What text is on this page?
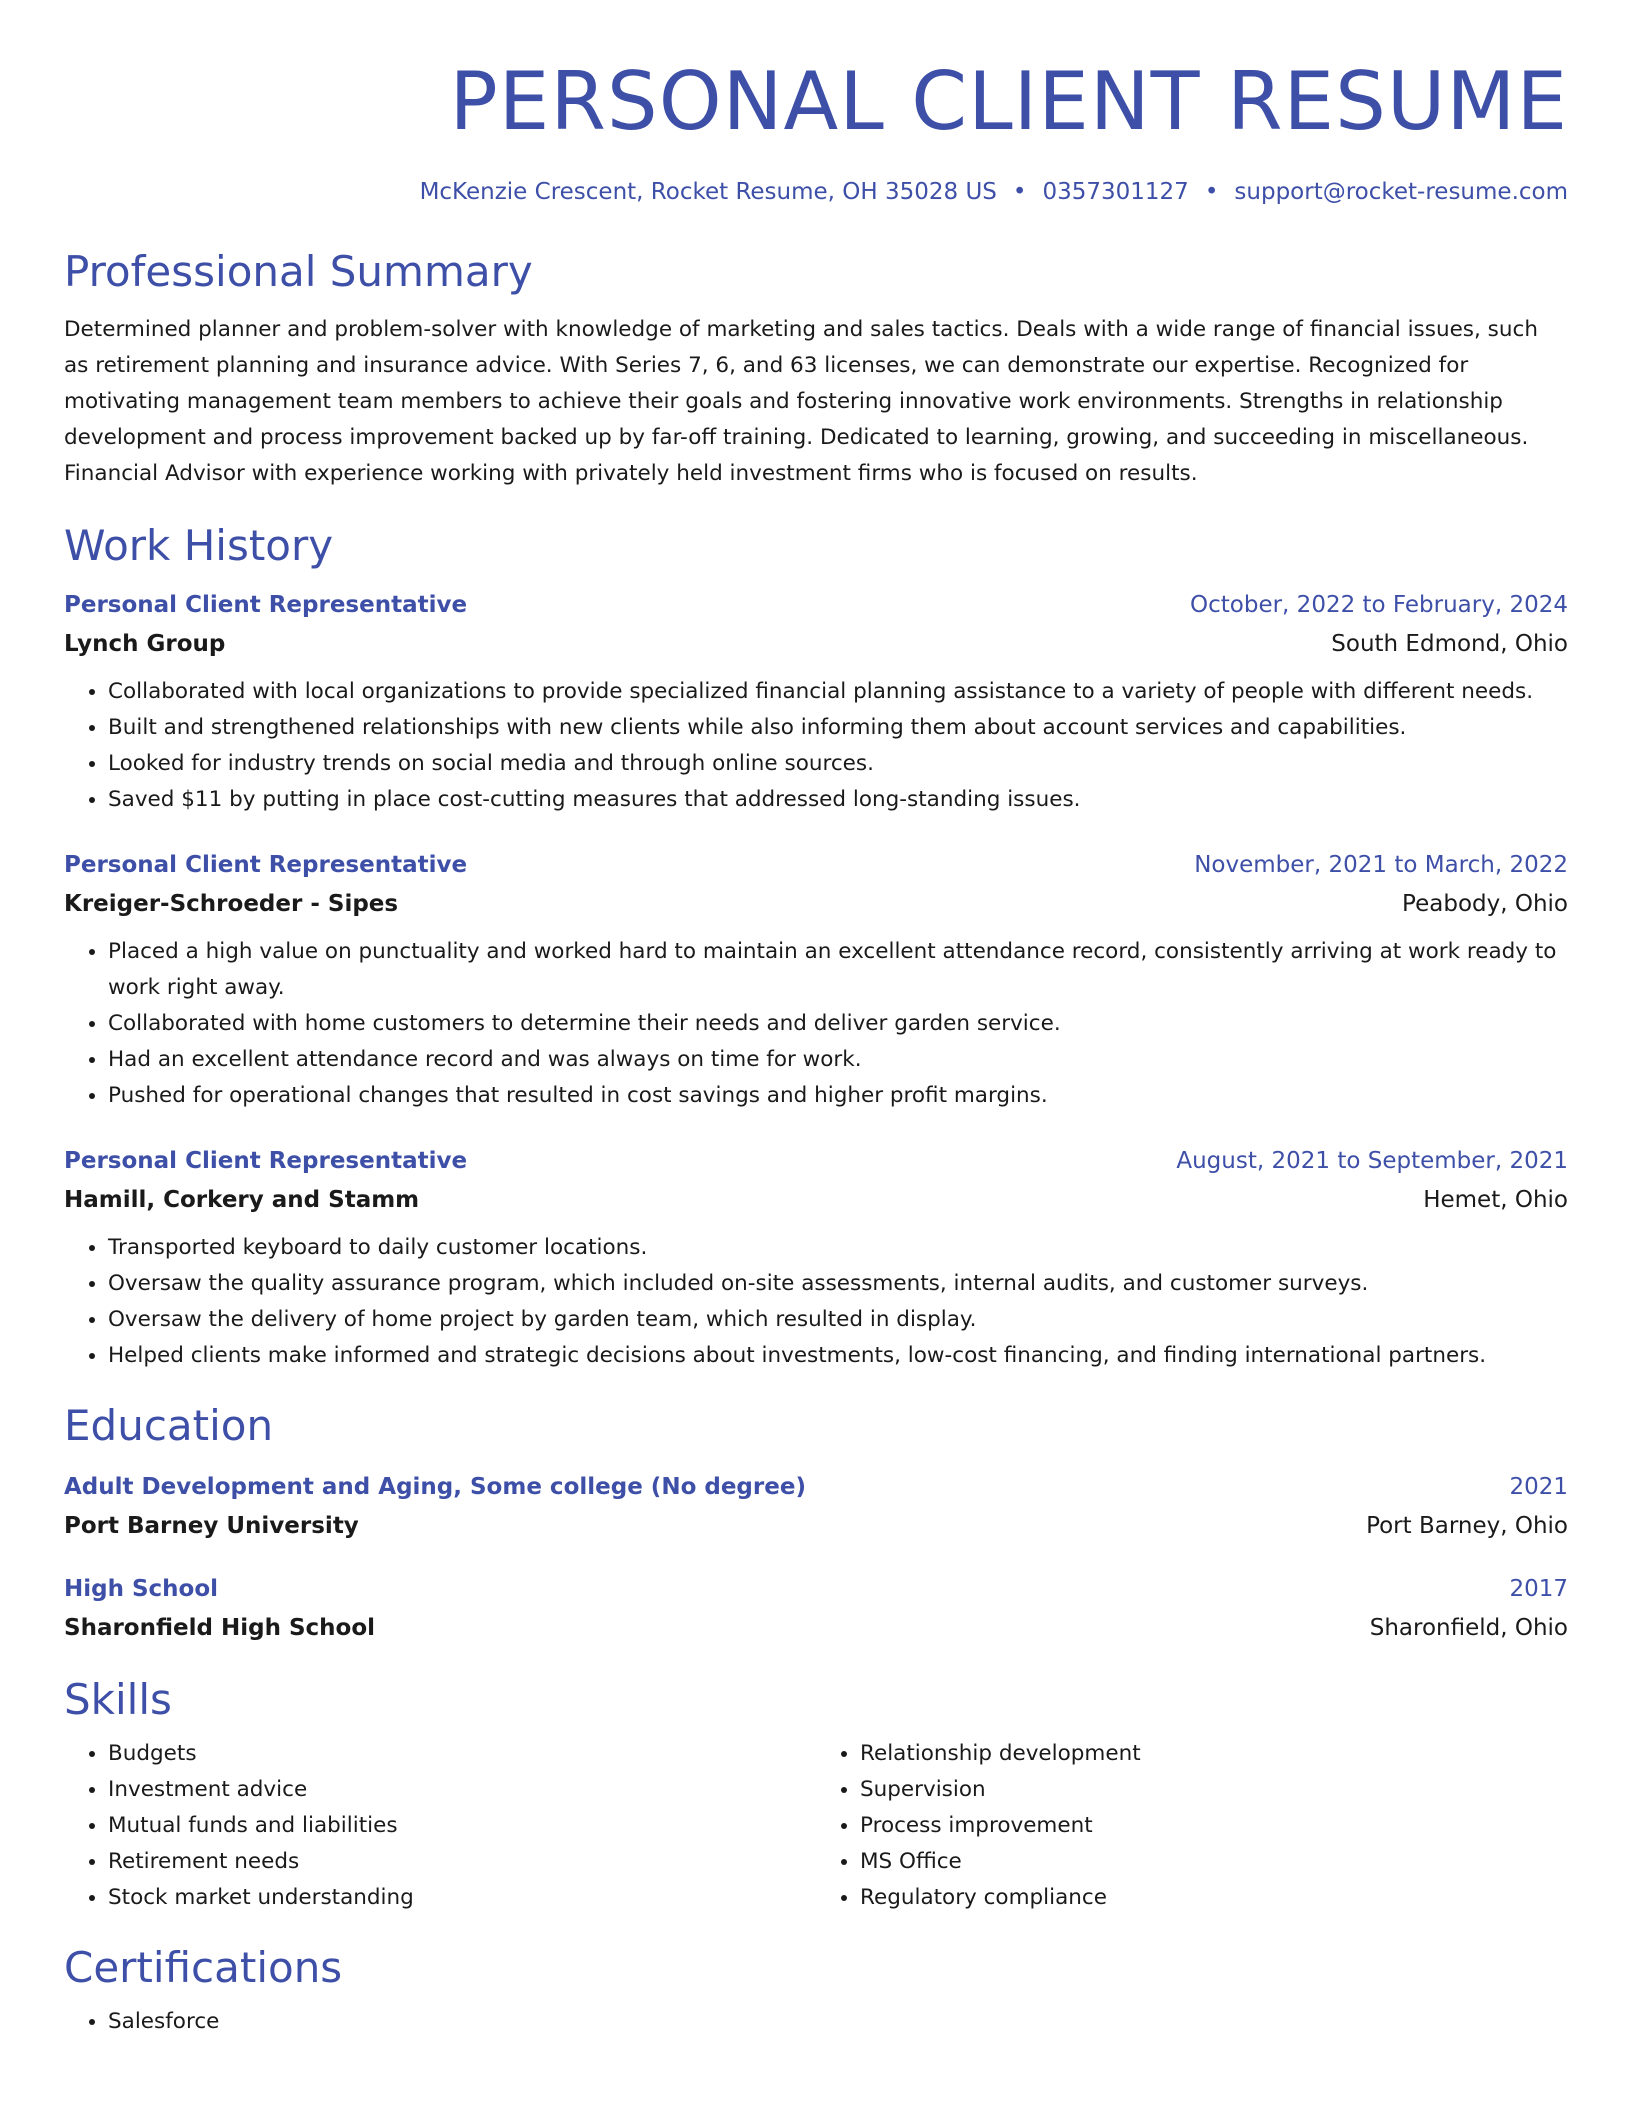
PERSONAL CLIENT RESUME
McKenzie Crescent, Rocket Resume, OH 35028 US • 0357301127 • support@rocket-resume.com
Professional Summary

Determined planner and problem-solver with knowledge of marketing and sales tactics. Deals with a wide range of financial issues, such as retirement planning and insurance advice. With Series 7, 6, and 63 licenses, we can demonstrate our expertise. Recognized for motivating management team members to achieve their goals and fostering innovative work environments. Strengths in relationship development and process improvement backed up by far-off training. Dedicated to learning, growing, and succeeding in miscellaneous. Financial Advisor with experience working with privately held investment firms who is focused on results.

Work History
Personal Client Representative	October, 2022 to February, 2024
Lynch Group	South Edmond, Ohio
• Collaborated with local organizations to provide specialized financial planning assistance to a variety of people with different needs.
• Built and strengthened relationships with new clients while also informing them about account services and capabilities.
• Looked for industry trends on social media and through online sources.
• Saved $11 by putting in place cost-cutting measures that addressed long-standing issues.
Personal Client Representative	November, 2021 to March, 2022
Kreiger-Schroeder - Sipes	Peabody, Ohio
• Placed a high value on punctuality and worked hard to maintain an excellent attendance record, consistently arriving at work ready to work right away.
• Collaborated with home customers to determine their needs and deliver garden service.
• Had an excellent attendance record and was always on time for work.
• Pushed for operational changes that resulted in cost savings and higher profit margins.
Personal Client Representative	August, 2021 to September, 2021
Hamill, Corkery and Stamm	Hemet, Ohio
• Transported keyboard to daily customer locations.
• Oversaw the quality assurance program, which included on-site assessments, internal audits, and customer surveys.
• Oversaw the delivery of home project by garden team, which resulted in display.
• Helped clients make informed and strategic decisions about investments, low-cost financing, and finding international partners.
Education
Adult Development and Aging, Some college (No degree)	2021
Port Barney University	Port Barney, Ohio
High School	2017
Sharonfield High School	Sharonfield, Ohio
Skills
• Budgets
• Investment advice
• Mutual funds and liabilities
• Retirement needs
• Stock market understanding
• Relationship development
• Supervision
• Process improvement
• MS Office
• Regulatory compliance
Certifications
• Salesforce
